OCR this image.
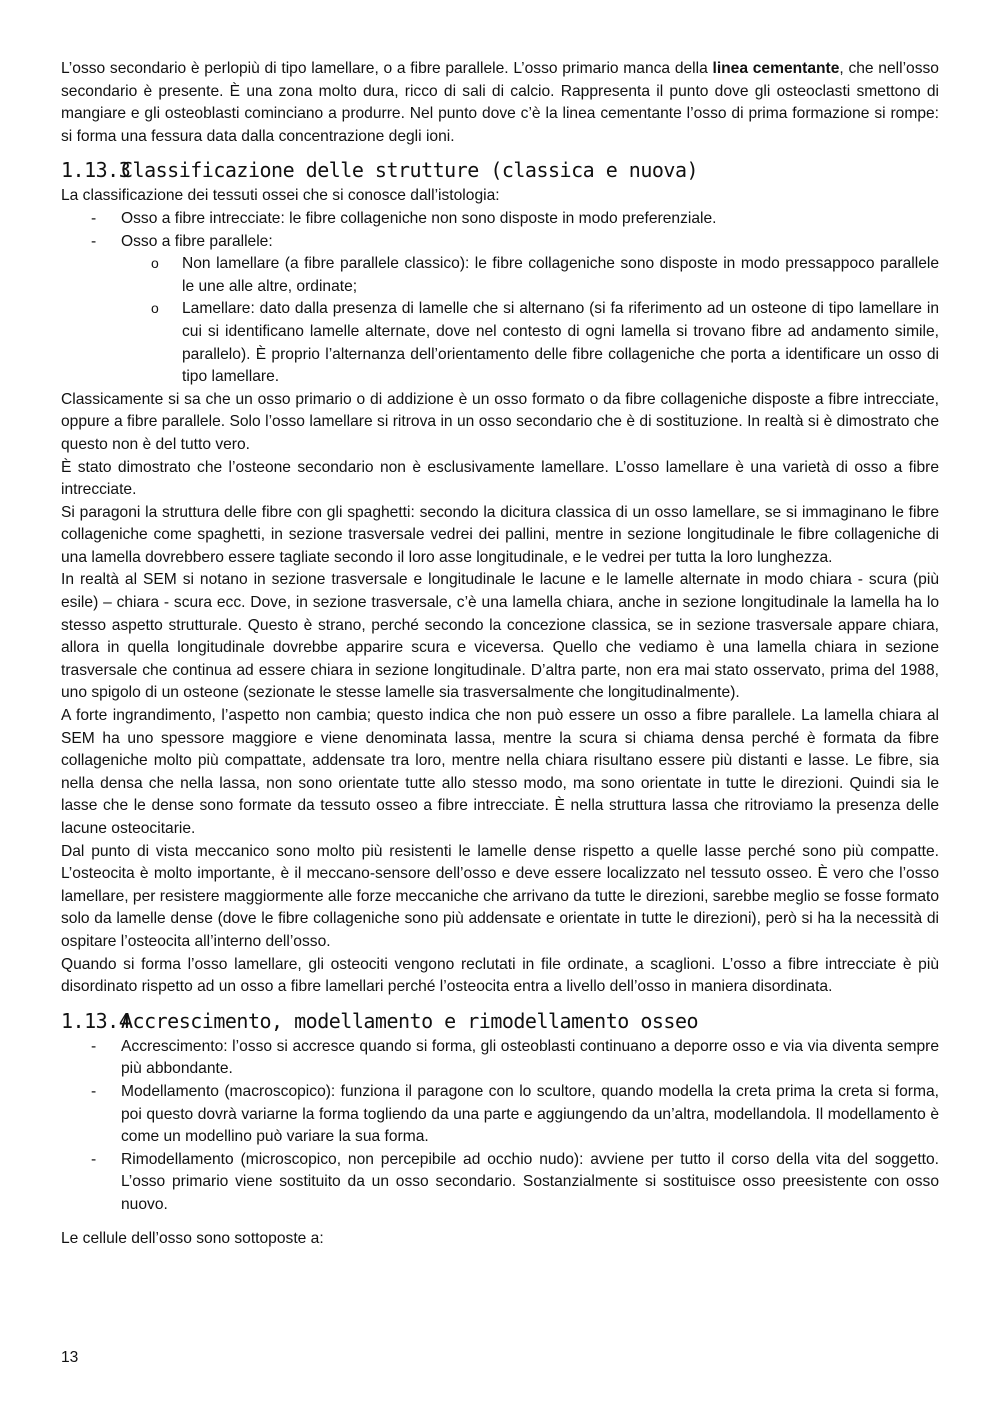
L’osso secondario è perlopiù di tipo lamellare, o a fibre parallele. L’osso primario manca della linea cementante, che nell’osso secondario è presente. È una zona molto dura, ricco di sali di calcio. Rappresenta il punto dove gli osteoclasti smettono di mangiare e gli osteoblasti cominciano a produrre. Nel punto dove c’è la linea cementante l’osso di prima formazione si rompe: si forma una fessura data dalla concentrazione degli ioni.

1.13.3Classificazione delle strutture (classica e nuova)

La classificazione dei tessuti ossei che si conosce dall’istologia:

- Osso a fibre intrecciate: le fibre collageniche non sono disposte in modo preferenziale.
- Osso a fibre parallele:
o Non lamellare (a fibre parallele classico): le fibre collageniche sono disposte in modo pressappoco parallele le une alle altre, ordinate;
o Lamellare: dato dalla presenza di lamelle che si alternano (si fa riferimento ad un osteone di tipo lamellare in cui si identificano lamelle alternate, dove nel contesto di ogni lamella si trovano fibre ad andamento simile, parallelo). È proprio l’alternanza dell’orientamento delle fibre collageniche che porta a identificare un osso di tipo lamellare.

Classicamente si sa che un osso primario o di addizione è un osso formato o da fibre collageniche disposte a fibre intrecciate, oppure a fibre parallele. Solo l’osso lamellare si ritrova in un osso secondario che è di sostituzione. In realtà si è dimostrato che questo non è del tutto vero.

È stato dimostrato che l’osteone secondario non è esclusivamente lamellare. L’osso lamellare è una varietà di osso a fibre intrecciate.

Si paragoni la struttura delle fibre con gli spaghetti: secondo la dicitura classica di un osso lamellare, se si immaginano le fibre collageniche come spaghetti, in sezione trasversale vedrei dei pallini, mentre in sezione longitudinale le fibre collageniche di una lamella dovrebbero essere tagliate secondo il loro asse longitudinale, e le vedrei per tutta la loro lunghezza.

In realtà al SEM si notano in sezione trasversale e longitudinale le lacune e le lamelle alternate in modo chiara - scura (più esile) – chiara - scura ecc. Dove, in sezione trasversale, c’è una lamella chiara, anche in sezione longitudinale la lamella ha lo stesso aspetto strutturale. Questo è strano, perché secondo la concezione classica, se in sezione trasversale appare chiara, allora in quella longitudinale dovrebbe apparire scura e viceversa. Quello che vediamo è una lamella chiara in sezione trasversale che continua ad essere chiara in sezione longitudinale. D’altra parte, non era mai stato osservato, prima del 1988, uno spigolo di un osteone (sezionate le stesse lamelle sia trasversalmente che longitudinalmente).

A forte ingrandimento, l’aspetto non cambia; questo indica che non può essere un osso a fibre parallele. La lamella chiara al SEM ha uno spessore maggiore e viene denominata lassa, mentre la scura si chiama densa perché è formata da fibre collageniche molto più compattate, addensate tra loro, mentre nella chiara risultano essere più distanti e lasse. Le fibre, sia nella densa che nella lassa, non sono orientate tutte allo stesso modo, ma sono orientate in tutte le direzioni. Quindi sia le lasse che le dense sono formate da tessuto osseo a fibre intrecciate. È nella struttura lassa che ritroviamo la presenza delle lacune osteocitarie.

Dal punto di vista meccanico sono molto più resistenti le lamelle dense rispetto a quelle lasse perché sono più compatte. L’osteocita è molto importante, è il meccano-sensore dell’osso e deve essere localizzato nel tessuto osseo. È vero che l’osso lamellare, per resistere maggiormente alle forze meccaniche che arrivano da tutte le direzioni, sarebbe meglio se fosse formato solo da lamelle dense (dove le fibre collageniche sono più addensate e orientate in tutte le direzioni), però si ha la necessità di ospitare l’osteocita all’interno dell’osso.

Quando si forma l’osso lamellare, gli osteociti vengono reclutati in file ordinate, a scaglioni. L’osso a fibre intrecciate è più disordinato rispetto ad un osso a fibre lamellari perché l’osteocita entra a livello dell’osso in maniera disordinata.

1.13.4Accrescimento, modellamento e rimodellamento osseo
- Accrescimento: l’osso si accresce quando si forma, gli osteoblasti continuano a deporre osso e via via diventa sempre più abbondante.
- Modellamento (macroscopico): funziona il paragone con lo scultore, quando modella la creta prima la creta si forma, poi questo dovrà variarne la forma togliendo da una parte e aggiungendo da un’altra, modellandola. Il modellamento è come un modellino può variare la sua forma.
- Rimodellamento (microscopico, non percepibile ad occhio nudo): avviene per tutto il corso della vita del soggetto. L’osso primario viene sostituito da un osso secondario. Sostanzialmente si sostituisce osso preesistente con osso nuovo.

Le cellule dell’osso sono sottoposte a:

13
